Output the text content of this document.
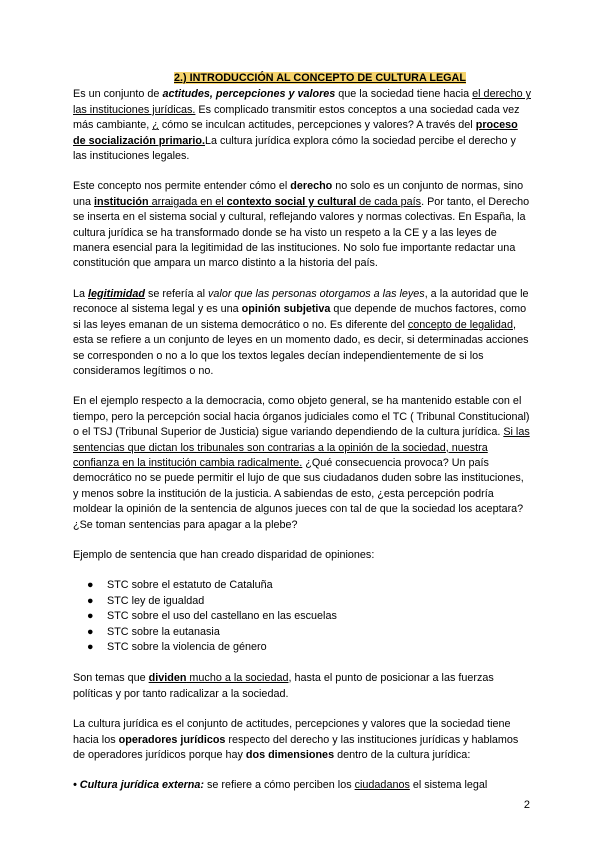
2.) INTRODUCCIÓN AL CONCEPTO DE CULTURA LEGAL

Es un conjunto de actitudes, percepciones y valores que la sociedad tiene hacia el derecho y las instituciones jurídicas. Es complicado transmitir estos conceptos a una sociedad cada vez más cambiante, ¿ cómo se inculcan actitudes, percepciones y valores? A través del proceso de socialización primario.La cultura jurídica explora cómo la sociedad percibe el derecho y las instituciones legales.

Este concepto nos permite entender cómo el derecho no solo es un conjunto de normas, sino una institución arraigada en el contexto social y cultural de cada país. Por tanto, el Derecho se inserta en el sistema social y cultural, reflejando valores y normas colectivas. En España, la cultura jurídica se ha transformado donde se ha visto un respeto a la CE y a las leyes de manera esencial para la legitimidad de las instituciones. No solo fue importante redactar una constitución que ampara un marco distinto a la historia del país.

La legitimidad se refería al valor que las personas otorgamos a las leyes, a la autoridad que le reconoce al sistema legal y es una opinión subjetiva que depende de muchos factores, como si las leyes emanan de un sistema democrático o no. Es diferente del concepto de legalidad, esta se refiere a un conjunto de leyes en un momento dado, es decir, si determinadas acciones se corresponden o no a lo que los textos legales decían independientemente de si los consideramos legítimos o no.

En el ejemplo respecto a la democracia, como objeto general, se ha mantenido estable con el tiempo, pero la percepción social hacia órganos judiciales como el TC ( Tribunal Constitucional) o el TSJ (Tribunal Superior de Justicia) sigue variando dependiendo de la cultura jurídica. Si las sentencias que dictan los tribunales son contrarias a la opinión de la sociedad, nuestra confianza en la institución cambia radicalmente. ¿Qué consecuencia provoca? Un país democrático no se puede permitir el lujo de que sus ciudadanos duden sobre las instituciones, y menos sobre la institución de la justicia. A sabiendas de esto, ¿esta percepción podría moldear la opinión de la sentencia de algunos jueces con tal de que la sociedad los aceptara? ¿Se toman sentencias para apagar a la plebe?

Ejemplo de sentencia que han creado disparidad de opiniones:

● STC sobre el estatuto de Cataluña
● STC ley de igualdad
● STC sobre el uso del castellano en las escuelas
● STC sobre la eutanasia
● STC sobre la violencia de género

Son temas que dividen mucho a la sociedad, hasta el punto de posicionar a las fuerzas políticas y por tanto radicalizar a la sociedad.

La cultura jurídica es el conjunto de actitudes, percepciones y valores que la sociedad tiene hacia los operadores jurídicos respecto del derecho y las instituciones jurídicas y hablamos de operadores jurídicos porque hay dos dimensiones dentro de la cultura jurídica:

• Cultura jurídica externa: se refiere a cómo perciben los ciudadanos el sistema legal

2
